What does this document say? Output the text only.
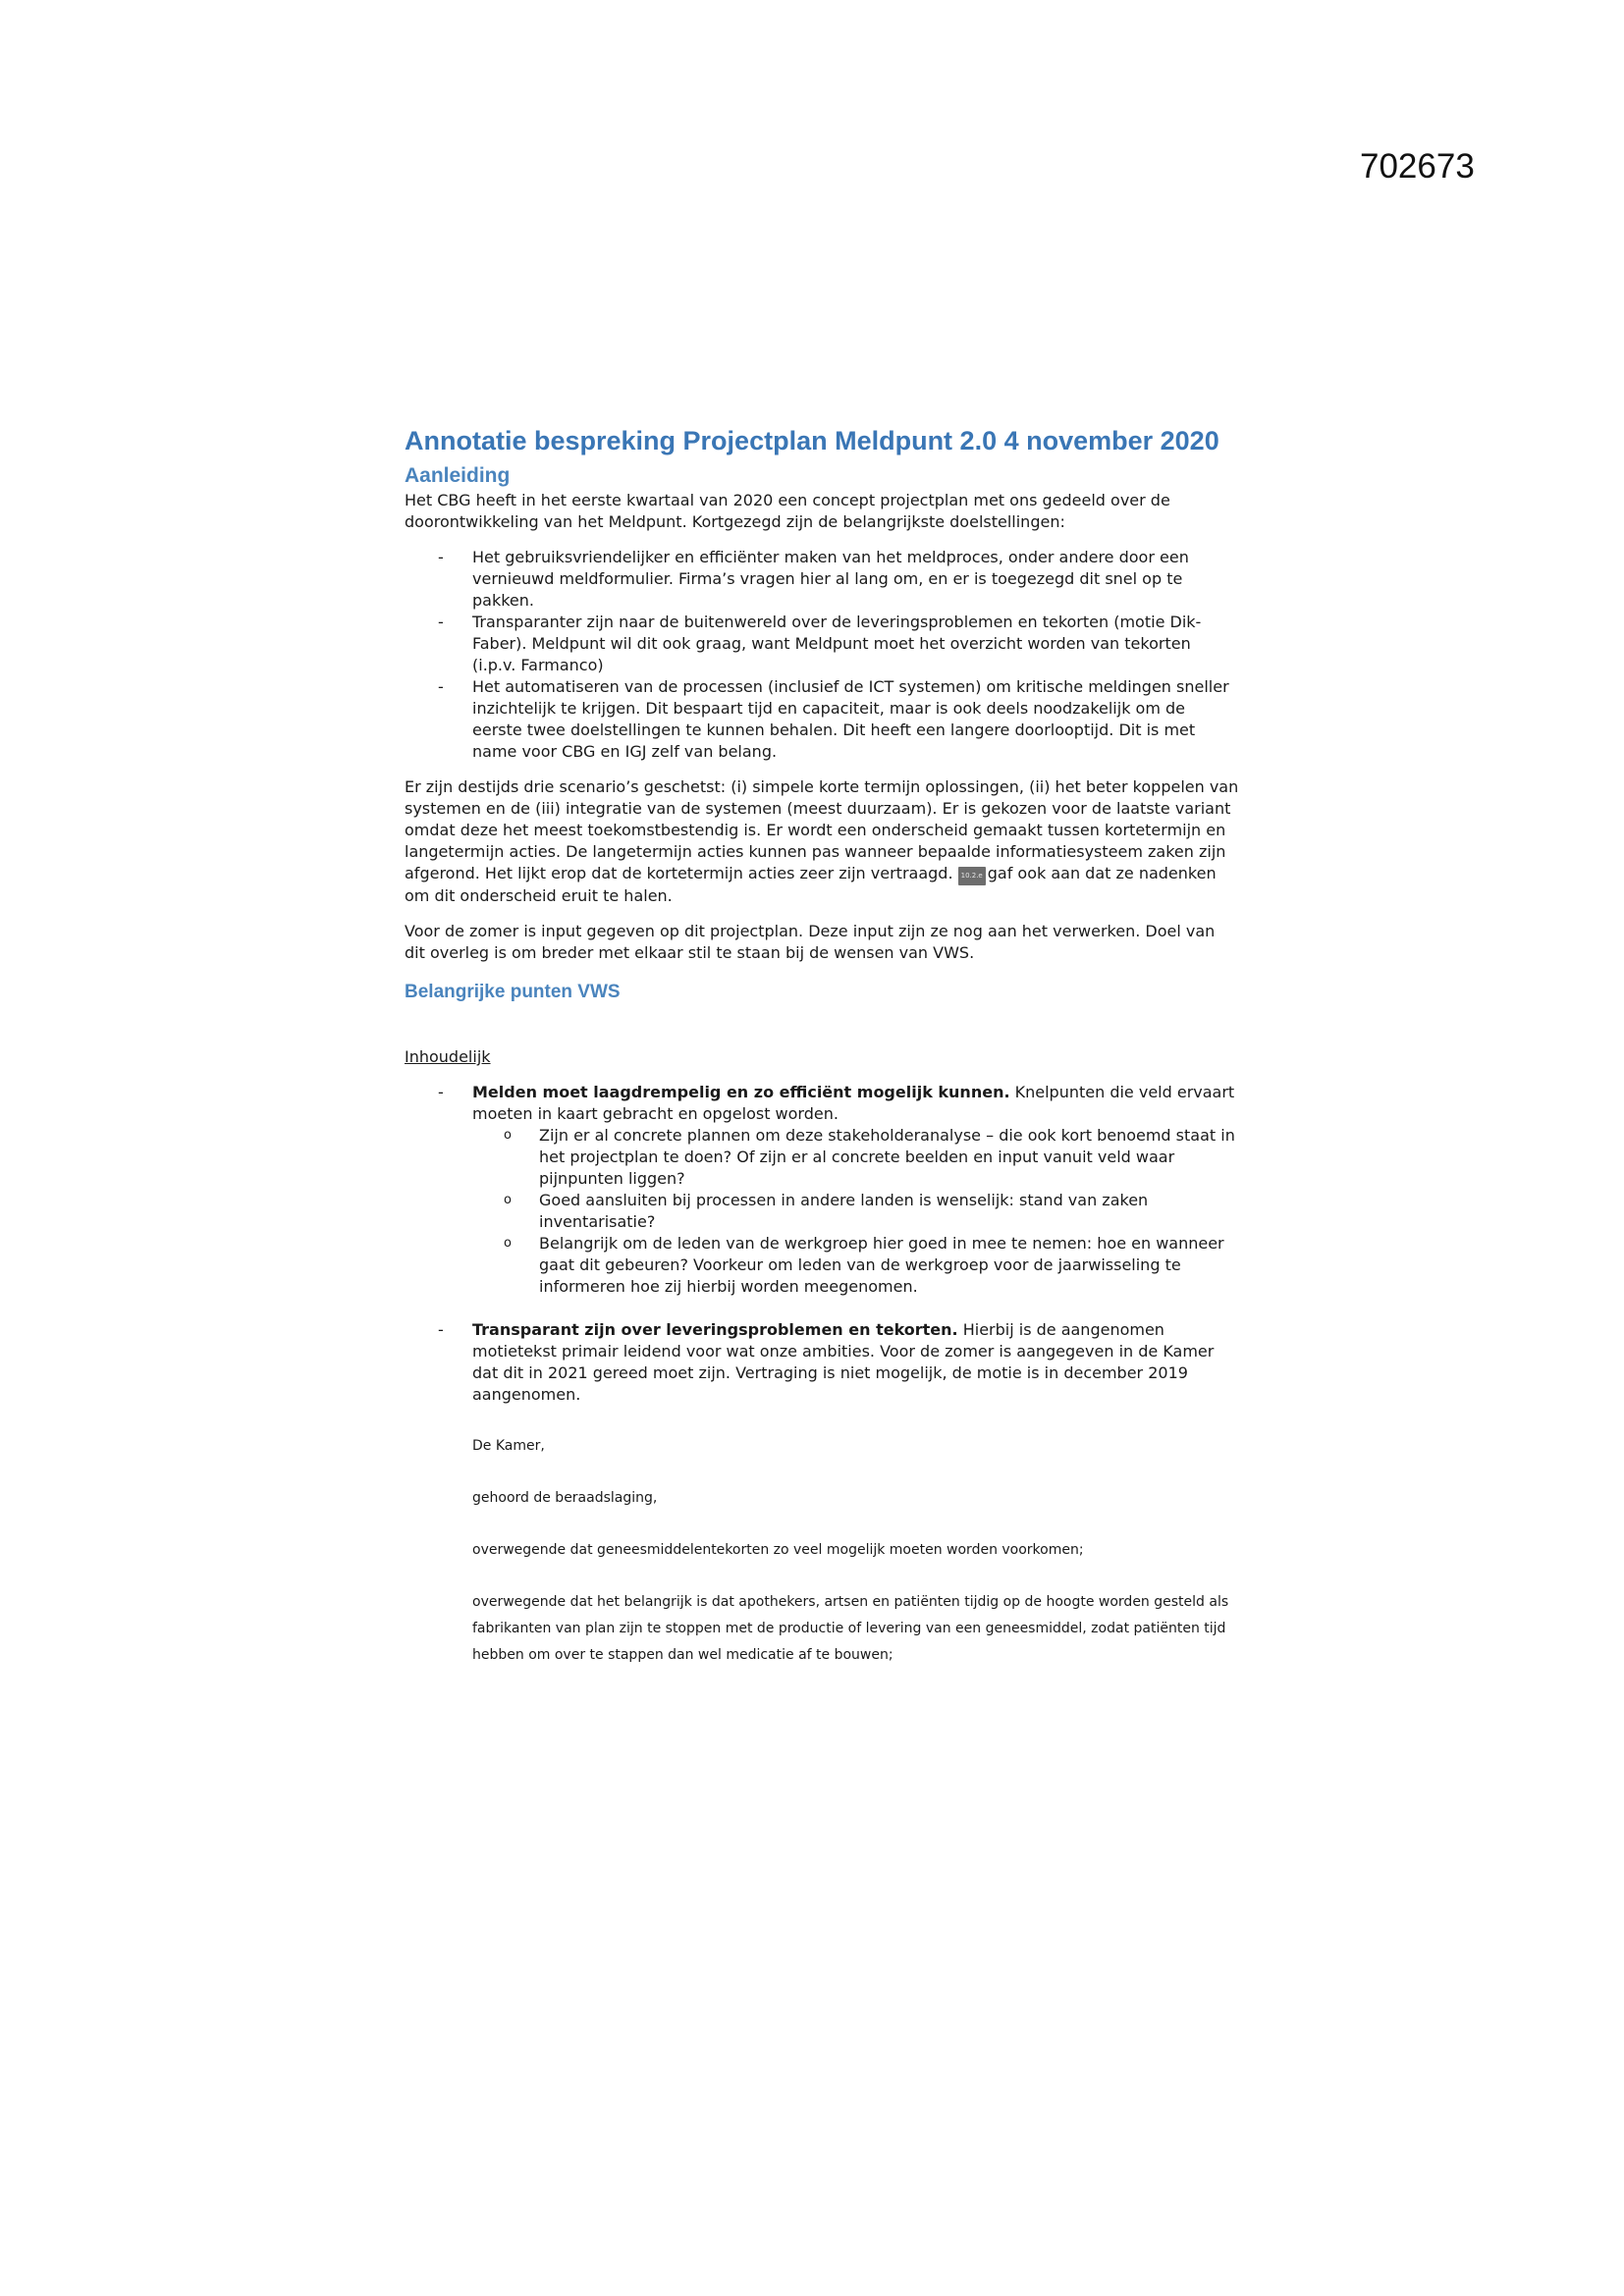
702673
Annotatie bespreking Projectplan Meldpunt 2.0 4 november 2020
Aanleiding

Het CBG heeft in het eerste kwartaal van 2020 een concept projectplan met ons gedeeld over de doorontwikkeling van het Meldpunt. Kortgezegd zijn de belangrijkste doelstellingen:

-	Het gebruiksvriendelijker en efficiënter maken van het meldproces, onder andere door een vernieuwd meldformulier. Firma’s vragen hier al lang om, en er is toegezegd dit snel op te pakken.
-	Transparanter zijn naar de buitenwereld over de leveringsproblemen en tekorten (motie Dik-Faber). Meldpunt wil dit ook graag, want Meldpunt moet het overzicht worden van tekorten (i.p.v. Farmanco)
-	Het automatiseren van de processen (inclusief de ICT systemen) om kritische meldingen sneller inzichtelijk te krijgen. Dit bespaart tijd en capaciteit, maar is ook deels noodzakelijk om de eerste twee doelstellingen te kunnen behalen. Dit heeft een langere doorlooptijd. Dit is met name voor CBG en IGJ zelf van belang.

Er zijn destijds drie scenario’s geschetst: (i) simpele korte termijn oplossingen, (ii) het beter koppelen van systemen en de (iii) integratie van de systemen (meest duurzaam). Er is gekozen voor de laatste variant omdat deze het meest toekomstbestendig is. Er wordt een onderscheid gemaakt tussen kortetermijn en langetermijn acties. De langetermijn acties kunnen pas wanneer bepaalde informatiesysteem zaken zijn afgerond. Het lijkt erop dat de kortetermijn acties zeer zijn vertraagd. 10.2.e gaf ook aan dat ze nadenken om dit onderscheid eruit te halen.

Voor de zomer is input gegeven op dit projectplan. Deze input zijn ze nog aan het verwerken. Doel van dit overleg is om breder met elkaar stil te staan bij de wensen van VWS.

Belangrijke punten VWS

Inhoudelijk

-	Melden moet laagdrempelig en zo efficiënt mogelijk kunnen. Knelpunten die veld ervaart moeten in kaart gebracht en opgelost worden.
o Zijn er al concrete plannen om deze stakeholderanalyse – die ook kort benoemd staat in het projectplan te doen? Of zijn er al concrete beelden en input vanuit veld waar pijnpunten liggen?
o Goed aansluiten bij processen in andere landen is wenselijk: stand van zaken inventarisatie?
o Belangrijk om de leden van de werkgroep hier goed in mee te nemen: hoe en wanneer gaat dit gebeuren? Voorkeur om leden van de werkgroep voor de jaarwisseling te informeren hoe zij hierbij worden meegenomen.
-	Transparant zijn over leveringsproblemen en tekorten. Hierbij is de aangenomen motietekst primair leidend voor wat onze ambities. Voor de zomer is aangegeven in de Kamer dat dit in 2021 gereed moet zijn. Vertraging is niet mogelijk, de motie is in december 2019 aangenomen.

De Kamer,

gehoord de beraadslaging,

overwegende dat geneesmiddelentekorten zo veel mogelijk moeten worden voorkomen;

overwegende dat het belangrijk is dat apothekers, artsen en patiënten tijdig op de hoogte worden gesteld als fabrikanten van plan zijn te stoppen met de productie of levering van een geneesmiddel, zodat patiënten tijd hebben om over te stappen dan wel medicatie af te bouwen;
